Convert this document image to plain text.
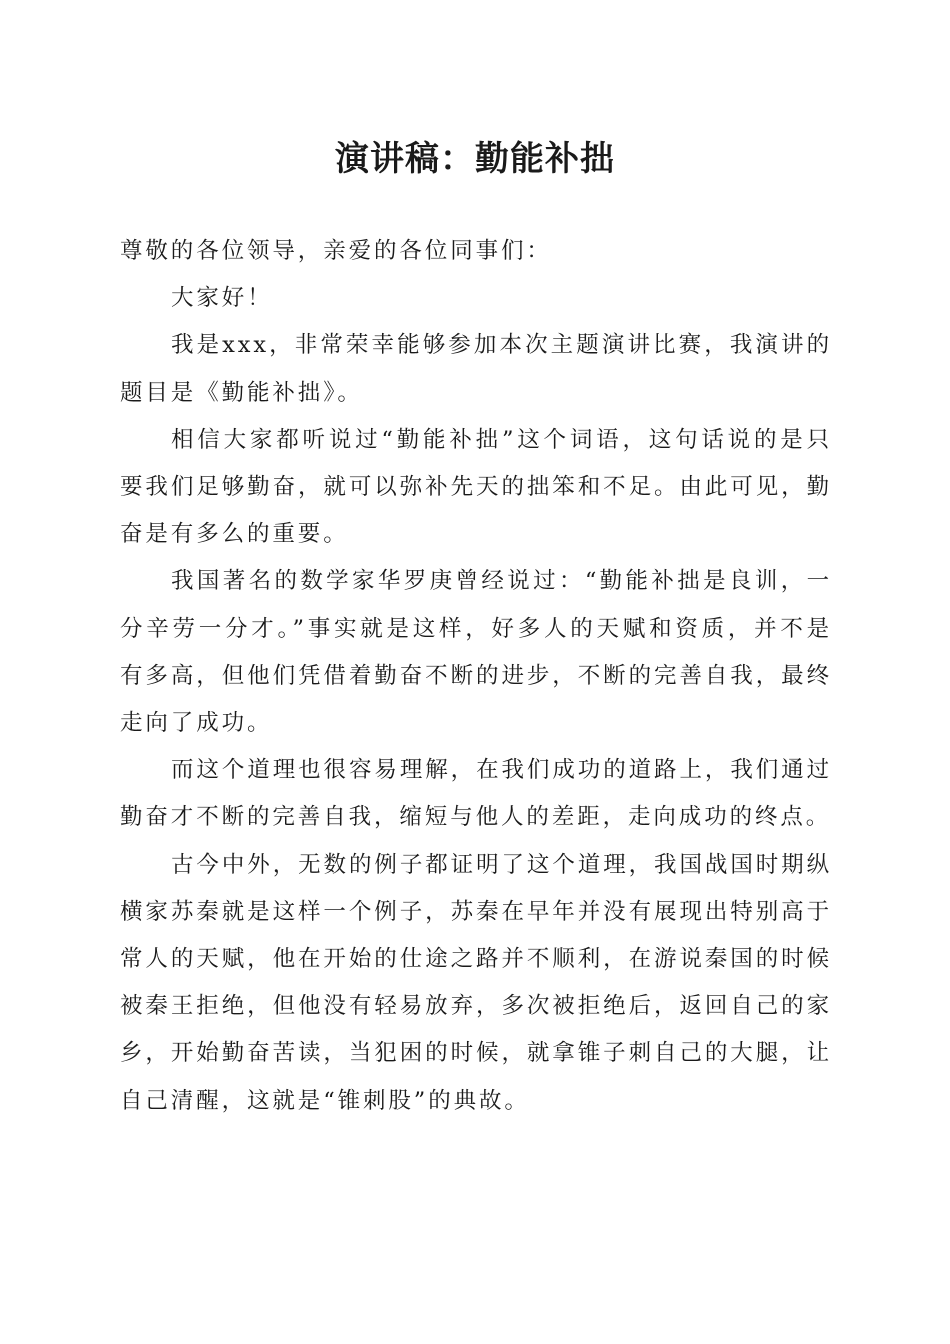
演讲稿：勤能补拙

尊敬的各位领导，亲爱的各位同事们：

大家好！

我是xxx，非常荣幸能够参加本次主题演讲比赛，我演讲的题目是《勤能补拙》。

相信大家都听说过“勤能补拙”这个词语，这句话说的是只要我们足够勤奋，就可以弥补先天的拙笨和不足。由此可见，勤奋是有多么的重要。

我国著名的数学家华罗庚曾经说过：“勤能补拙是良训，一分辛劳一分才。”事实就是这样，好多人的天赋和资质，并不是有多高，但他们凭借着勤奋不断的进步，不断的完善自我，最终走向了成功。

而这个道理也很容易理解，在我们成功的道路上，我们通过勤奋才不断的完善自我，缩短与他人的差距，走向成功的终点。

古今中外，无数的例子都证明了这个道理，我国战国时期纵横家苏秦就是这样一个例子，苏秦在早年并没有展现出特别高于常人的天赋，他在开始的仕途之路并不顺利，在游说秦国的时候被秦王拒绝，但他没有轻易放弃，多次被拒绝后，返回自己的家乡，开始勤奋苦读，当犯困的时候，就拿锥子刺自己的大腿，让自己清醒，这就是“锥刺股”的典故。
